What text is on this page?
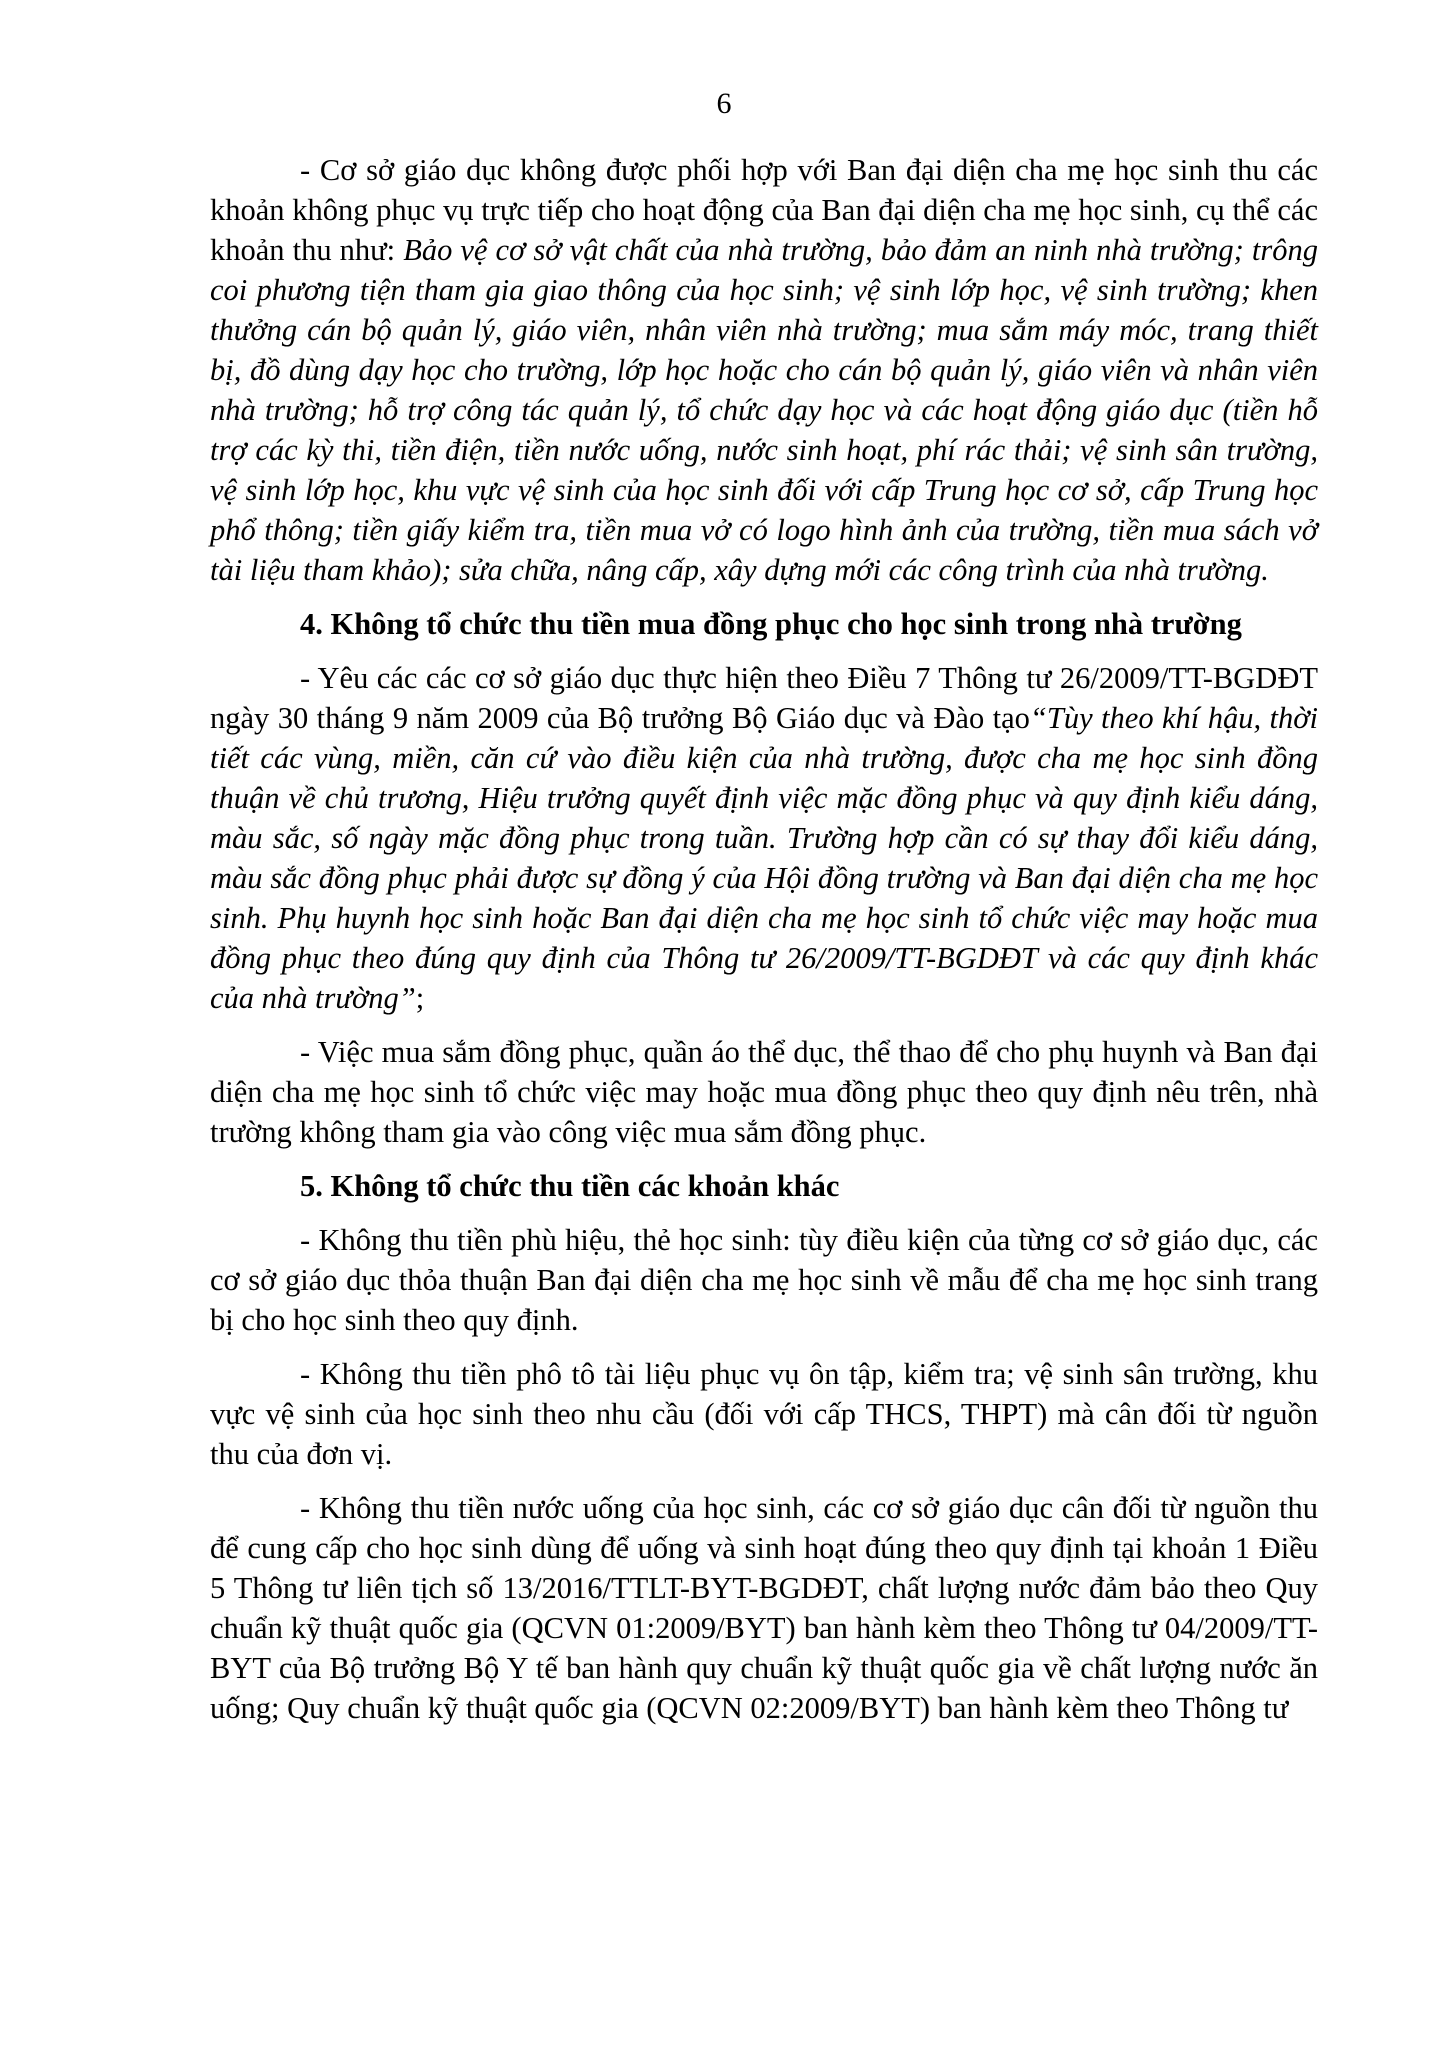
6

- Cơ sở giáo dục không được phối hợp với Ban đại diện cha mẹ học sinh thu các khoản không phục vụ trực tiếp cho hoạt động của Ban đại diện cha mẹ học sinh, cụ thể các khoản thu như: Bảo vệ cơ sở vật chất của nhà trường, bảo đảm an ninh nhà trường; trông coi phương tiện tham gia giao thông của học sinh; vệ sinh lớp học, vệ sinh trường; khen thưởng cán bộ quản lý, giáo viên, nhân viên nhà trường; mua sắm máy móc, trang thiết bị, đồ dùng dạy học cho trường, lớp học hoặc cho cán bộ quản lý, giáo viên và nhân viên nhà trường; hỗ trợ công tác quản lý, tổ chức dạy học và các hoạt động giáo dục (tiền hỗ trợ các kỳ thi, tiền điện, tiền nước uống, nước sinh hoạt, phí rác thải; vệ sinh sân trường, vệ sinh lớp học, khu vực vệ sinh của học sinh đối với cấp Trung học cơ sở, cấp Trung học phổ thông; tiền giấy kiểm tra, tiền mua vở có logo hình ảnh của trường, tiền mua sách vở tài liệu tham khảo); sửa chữa, nâng cấp, xây dựng mới các công trình của nhà trường.

4. Không tổ chức thu tiền mua đồng phục cho học sinh trong nhà trường

- Yêu các các cơ sở giáo dục thực hiện theo Điều 7 Thông tư 26/2009/TT-BGDĐT ngày 30 tháng 9 năm 2009 của Bộ trưởng Bộ Giáo dục và Đào tạo“Tùy theo khí hậu, thời tiết các vùng, miền, căn cứ vào điều kiện của nhà trường, được cha mẹ học sinh đồng thuận về chủ trương, Hiệu trưởng quyết định việc mặc đồng phục và quy định kiểu dáng, màu sắc, số ngày mặc đồng phục trong tuần. Trường hợp cần có sự thay đổi kiểu dáng, màu sắc đồng phục phải được sự đồng ý của Hội đồng trường và Ban đại diện cha mẹ học sinh. Phụ huynh học sinh hoặc Ban đại diện cha mẹ học sinh tổ chức việc may hoặc mua đồng phục theo đúng quy định của Thông tư 26/2009/TT-BGDĐT và các quy định khác của nhà trường”;

- Việc mua sắm đồng phục, quần áo thể dục, thể thao để cho phụ huynh và Ban đại diện cha mẹ học sinh tổ chức việc may hoặc mua đồng phục theo quy định nêu trên, nhà trường không tham gia vào công việc mua sắm đồng phục.

5. Không tổ chức thu tiền các khoản khác

- Không thu tiền phù hiệu, thẻ học sinh: tùy điều kiện của từng cơ sở giáo dục, các cơ sở giáo dục thỏa thuận Ban đại diện cha mẹ học sinh về mẫu để cha mẹ học sinh trang bị cho học sinh theo quy định.

- Không thu tiền phô tô tài liệu phục vụ ôn tập, kiểm tra; vệ sinh sân trường, khu vực vệ sinh của học sinh theo nhu cầu (đối với cấp THCS, THPT) mà cân đối từ nguồn thu của đơn vị.

- Không thu tiền nước uống của học sinh, các cơ sở giáo dục cân đối từ nguồn thu để cung cấp cho học sinh dùng để uống và sinh hoạt đúng theo quy định tại khoản 1 Điều 5 Thông tư liên tịch số 13/2016/TTLT-BYT-BGDĐT, chất lượng nước đảm bảo theo Quy chuẩn kỹ thuật quốc gia (QCVN 01:2009/BYT) ban hành kèm theo Thông tư 04/2009/TT-BYT của Bộ trưởng Bộ Y tế ban hành quy chuẩn kỹ thuật quốc gia về chất lượng nước ăn uống; Quy chuẩn kỹ thuật quốc gia (QCVN 02:2009/BYT) ban hành kèm theo Thông tư
